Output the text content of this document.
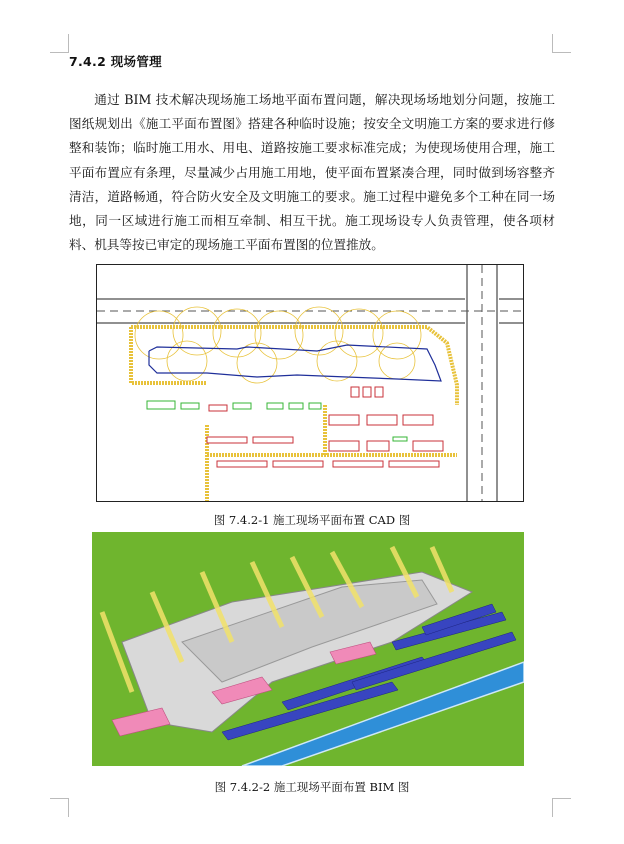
7.4.2 现场管理

通过 BIM 技术解决现场施工场地平面布置问题，解决现场场地划分问题，按施工图纸规划出《施工平面布置图》搭建各种临时设施；按安全文明施工方案的要求进行修整和装饰；临时施工用水、用电、道路按施工要求标准完成；为使现场使用合理，施工平面布置应有条理，尽量减少占用施工用地，使平面布置紧凑合理，同时做到场容整齐清洁，道路畅通，符合防火安全及文明施工的要求。施工过程中避免多个工种在同一场地，同一区域进行施工而相互牵制、相互干扰。施工现场设专人负责管理，使各项材料、机具等按已审定的现场施工平面布置图的位置推放。

图 7.4.2-1 施工现场平面布置 CAD 图
图 7.4.2-2 施工现场平面布置 BIM 图
